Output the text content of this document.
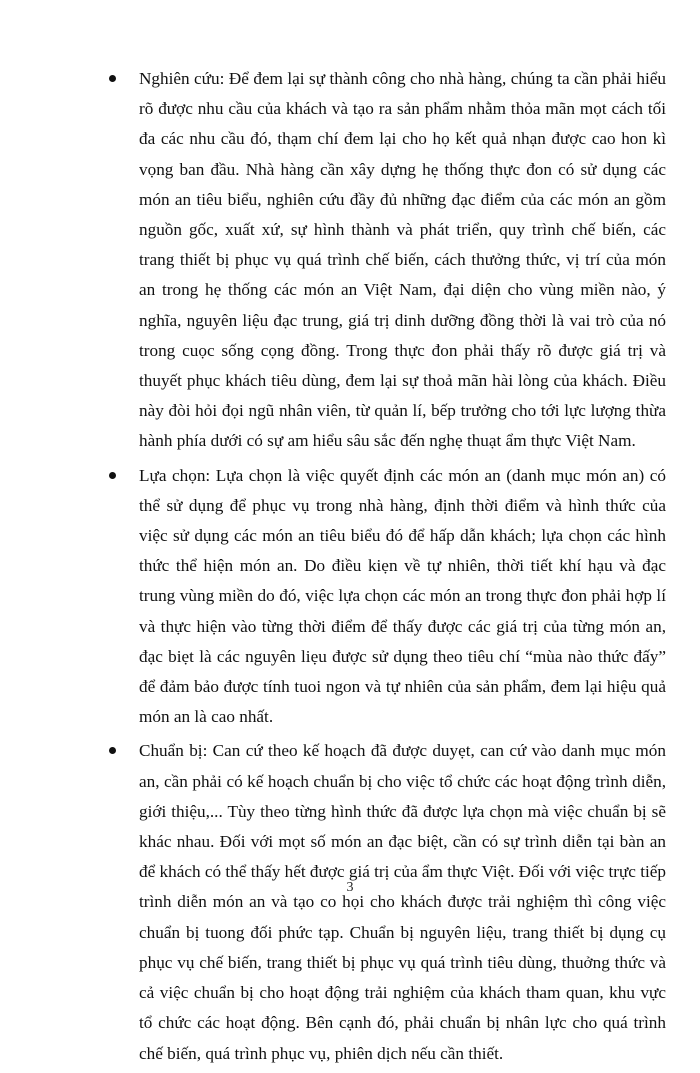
Nghiên cứu: Để đem lại sự thành công cho nhà hàng, chúng ta cần phải hiểu rõ được nhu cầu của khách và tạo ra sản phẩm nhằm thỏa mãn mọt cách tối đa các nhu cầu đó, thạm chí đem lại cho họ kết quả nhạn được cao hon kì vọng ban đầu. Nhà hàng cần xây dựng hẹ thống thực đon có sử dụng các món an tiêu biểu, nghiên cứu đầy đủ những đạc điểm của các món an gồm nguồn gốc, xuất xứ, sự hình thành và phát triển, quy trình chế biến, các trang thiết bị phục vụ quá trình chế biến, cách thưởng thức, vị trí của món an trong hẹ thống các món an Việt Nam, đại diện cho vùng miền nào, ý nghĩa, nguyên liệu đạc trung, giá trị dinh dưỡng đồng thời là vai trò của nó trong cuọc sống cọng đồng. Trong thực đon phải thấy rõ được giá trị và thuyết phục khách tiêu dùng, đem lại sự thoả mãn hài lòng của khách. Điều này đòi hỏi đọi ngũ nhân viên, từ quản lí, bếp trưởng cho tới lực lượng thừa hành phía dưới có sự am hiểu sâu sắc đến nghẹ thuạt ẩm thực Việt Nam.
Lựa chọn: Lựa chọn là việc quyết định các món an (danh mục món an) có thể sử dụng để phục vụ trong nhà hàng, định thời điểm và hình thức của việc sử dụng các món an tiêu biểu đó để hấp dẫn khách; lựa chọn các hình thức thể hiện món an. Do điều kiẹn về tự nhiên, thời tiết khí hạu và đạc trung vùng miền do đó, việc lựa chọn các món an trong thực đon phải hợp lí và thực hiện vào từng thời điểm để thấy được các giá trị của từng món an, đạc biẹt là các nguyên liẹu được sử dụng theo tiêu chí “mùa nào thức đấy” để đảm bảo được tính tuoi ngon và tự nhiên của sản phẩm, đem lại hiệu quả món an là cao nhất.
Chuẩn bị: Can cứ theo kế hoạch đã được duyẹt, can cứ vào danh mục món an, cần phải có kế hoạch chuẩn bị cho việc tổ chức các hoạt động trình diễn, giới thiệu,... Tùy theo từng hình thức đã được lựa chọn mà việc chuẩn bị sẽ khác nhau. Đối với mọt số món an đạc biệt, cần có sự trình diễn tại bàn an để khách có thể thấy hết được giá trị của ẩm thực Việt. Đối với việc trực tiếp trình diễn món an và tạo co họi cho khách được trải nghiệm thì công việc chuẩn bị tuong đối phức tạp. Chuẩn bị nguyên liệu, trang thiết bị dụng cụ phục vụ chế biến, trang thiết bị phục vụ quá trình tiêu dùng, thuởng thức và cả việc chuẩn bị cho hoạt động trải nghiệm của khách tham quan, khu vực tổ chức các hoạt động. Bên cạnh đó, phải chuẩn bị nhân lực cho quá trình chế biến, quá trình phục vụ, phiên dịch nếu cần thiết.
3
